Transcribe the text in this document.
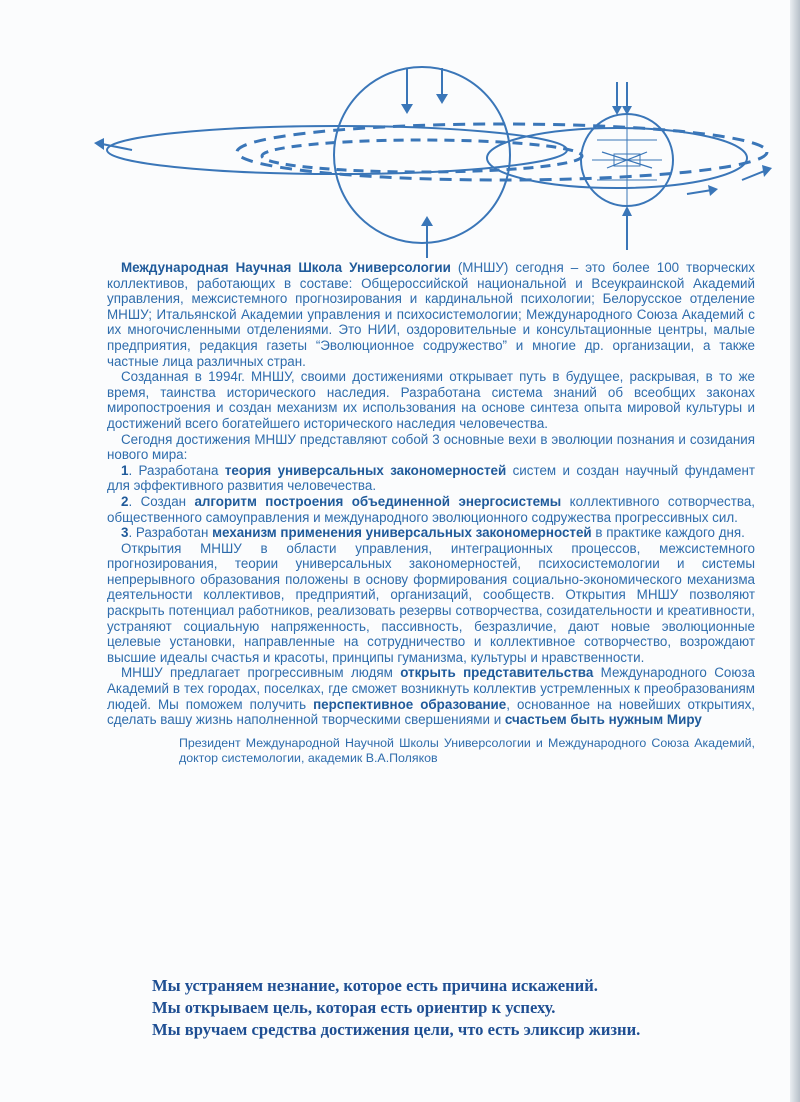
Международная Научная Школа Универсологии (МНШУ) сегодня – это более 100 творческих коллективов, работающих в составе: Общероссийской национальной и Всеукраинской Академий управления, межсистемного прогнозирования и кардинальной психологии; Белорусское отделение МНШУ; Итальянской Академии управления и психосистемологии; Международного Союза Академий с их многочисленными отделениями. Это НИИ, оздоровительные и консультационные центры, малые предприятия, редакция газеты “Эволюционное содружество” и многие др. организации, а также частные лица различных стран.

Созданная в 1994г. МНШУ, своими достижениями открывает путь в будущее, раскрывая, в то же время, таинства исторического наследия. Разработана система знаний об всеобщих законах миропостроения и создан механизм их использования на основе синтеза опыта мировой культуры и достижений всего богатейшего исторического наследия человечества.

Сегодня достижения МНШУ представляют собой 3 основные вехи в эволюции познания и созидания нового мира:

1. Разработана теория универсальных закономерностей систем и создан научный фундамент для эффективного развития человечества.

2. Создан алгоритм построения объединенной энергосистемы коллективного сотворчества, общественного самоуправления и международного эволюционного содружества прогрессивных сил.

3. Разработан механизм применения универсальных закономерностей в практике каждого дня.

Открытия МНШУ в области управления, интеграционных процессов, межсистемного прогнозирования, теории универсальных закономерностей, психосистемологии и системы непрерывного образования положены в основу формирования социально-экономического механизма деятельности коллективов, предприятий, организаций, сообществ. Открытия МНШУ позволяют раскрыть потенциал работников, реализовать резервы сотворчества, созидательности и креативности, устраняют социальную напряженность, пассивность, безразличие, дают новые эволюционные целевые установки, направленные на сотрудничество и коллективное сотворчество, возрождают высшие идеалы счастья и красоты, принципы гуманизма, культуры и нравственности.

МНШУ предлагает прогрессивным людям открыть представительства Международного Союза Академий в тех городах, поселках, где сможет возникнуть коллектив устремленных к преобразованиям людей. Мы поможем получить перспективное образование, основанное на новейших открытиях, сделать вашу жизнь наполненной творческими свершениями и счастьем быть нужным Миру

Президент Международной Научной Школы Универсологии и Международного Союза Академий, доктор системологии, академик В.А.Поляков

Мы устраняем незнание, которое есть причина искажений.
Мы открываем цель, которая есть ориентир к успеху.
Мы вручаем средства достижения цели, что есть эликсир жизни.
